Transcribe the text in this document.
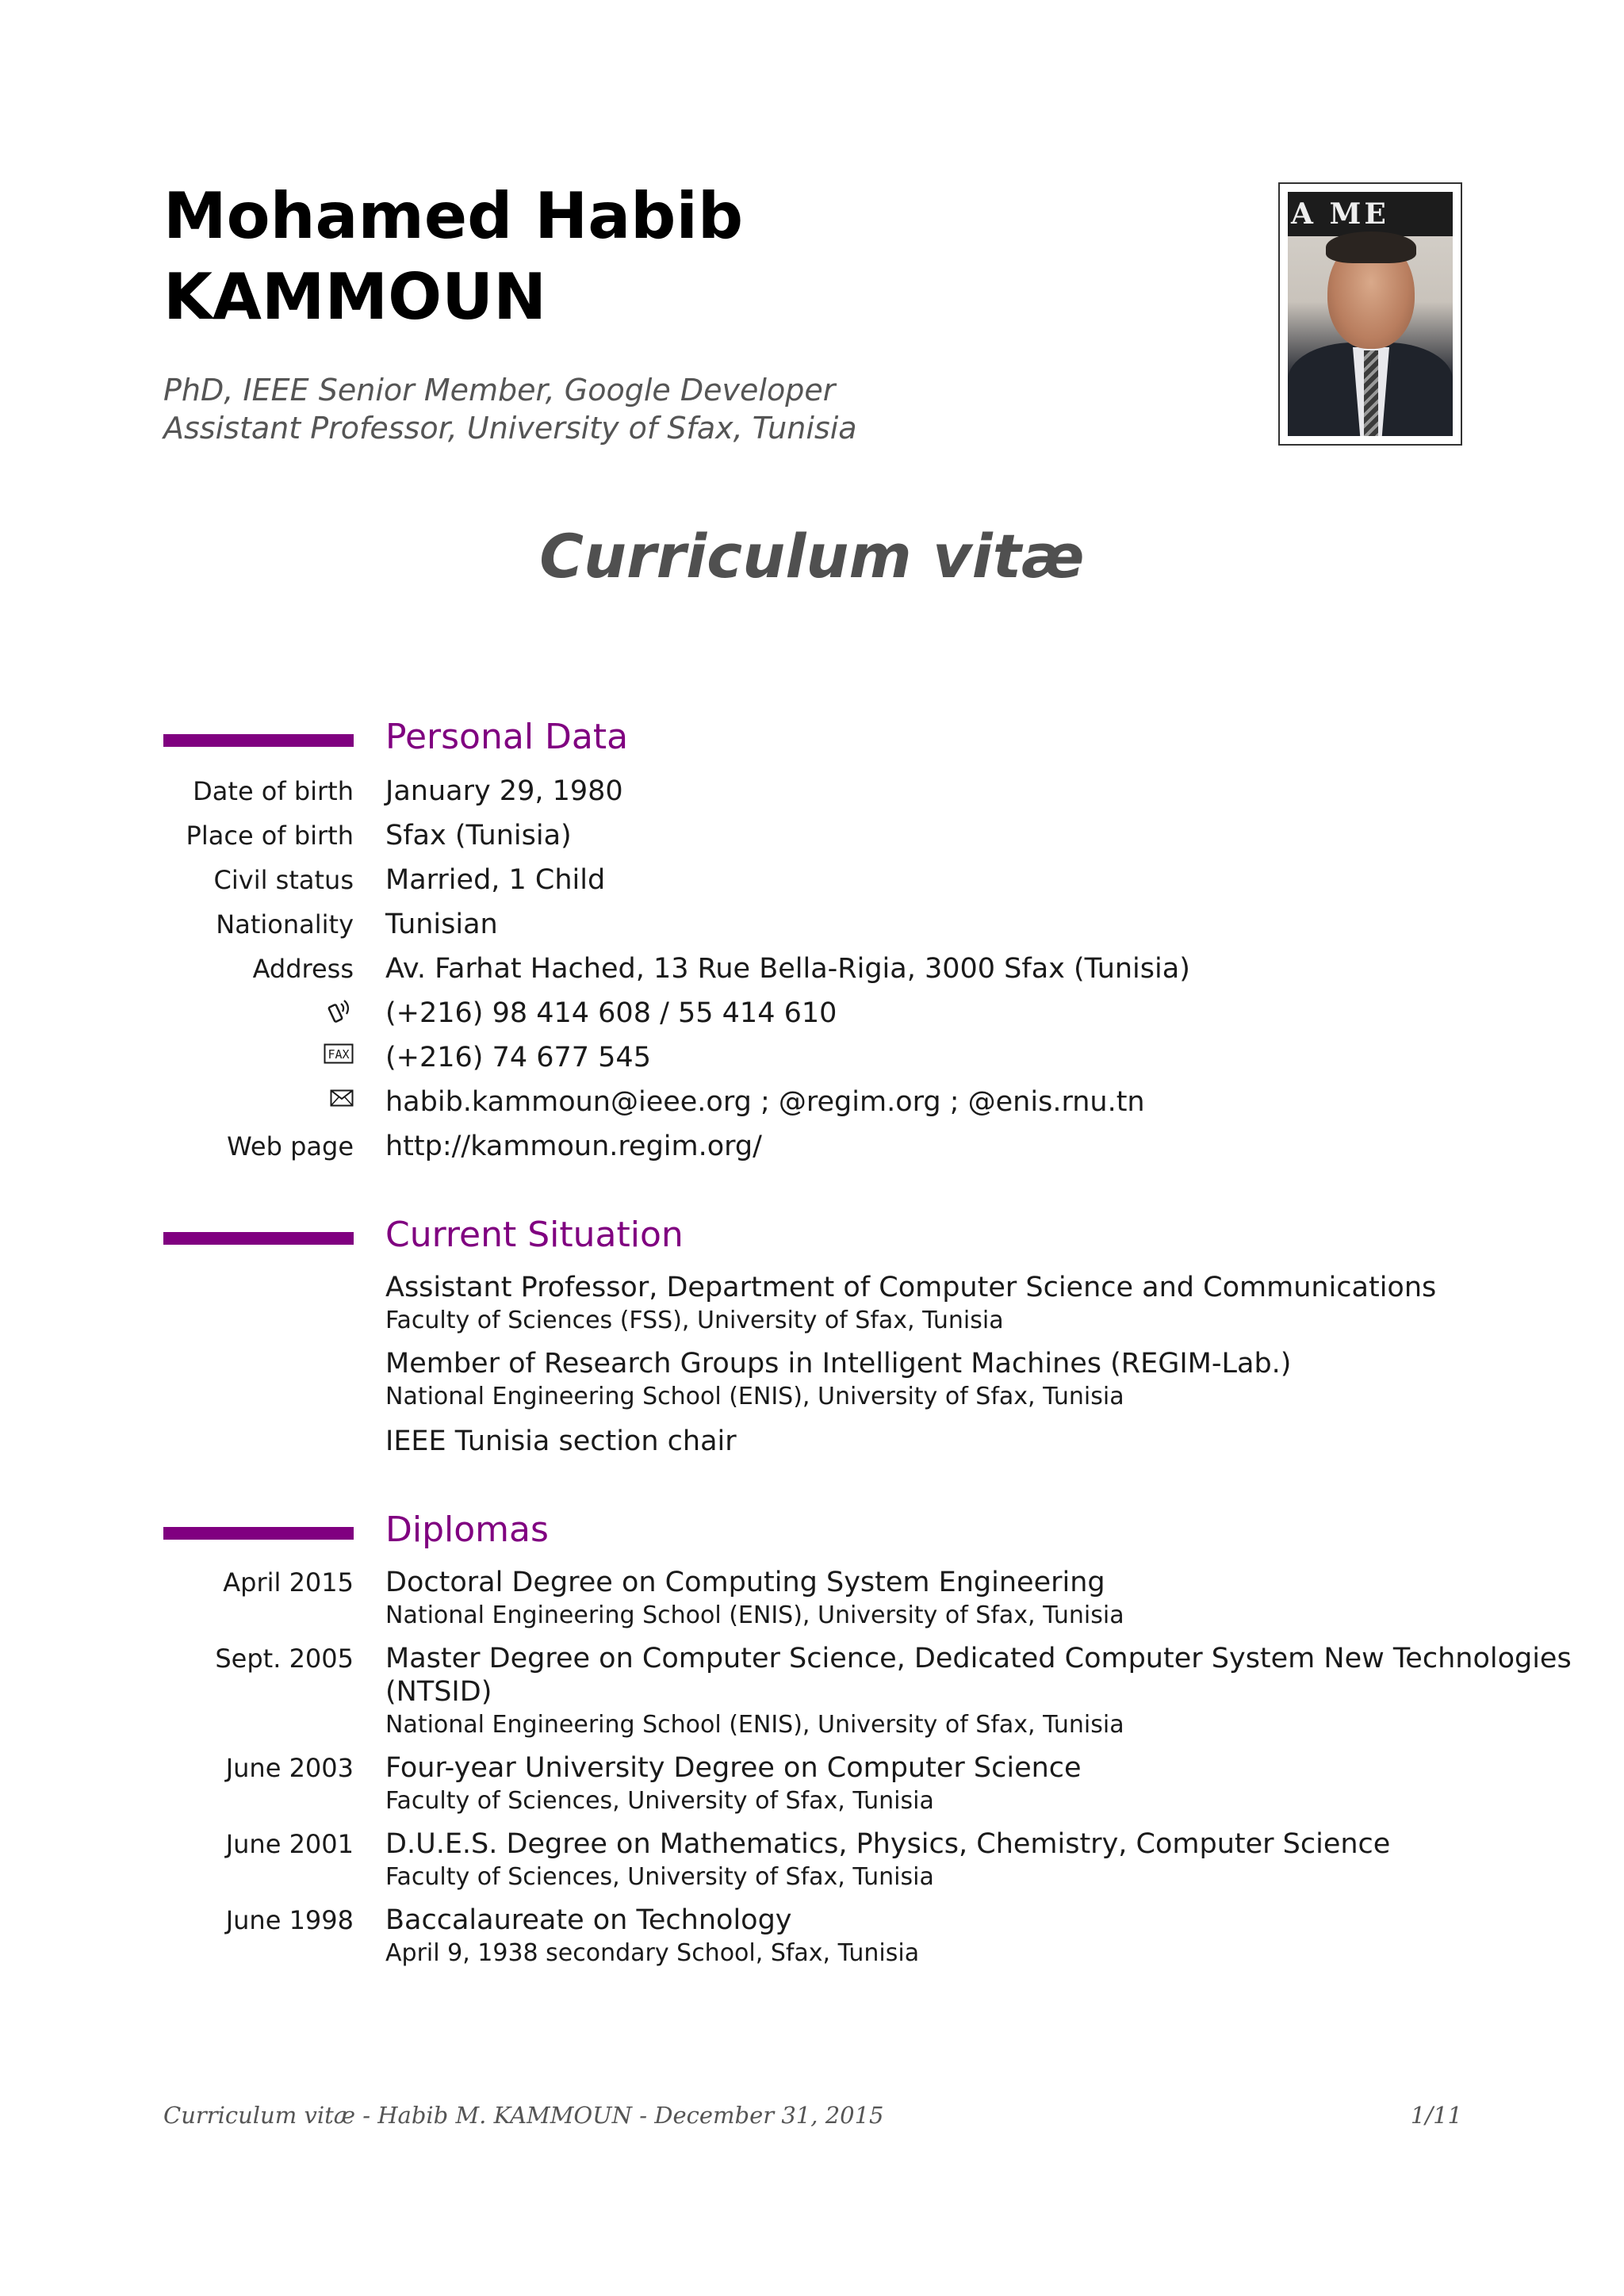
Mohamed Habib
KAMMOUN
PhD, IEEE Senior Member, Google Developer
Assistant Professor, University of Sfax, Tunisia
A ME
Curriculum vitæ
Personal Data
Date of birth January 29, 1980
Place of birth Sfax (Tunisia)
Civil status Married, 1 Child
Nationality Tunisian
Address Av. Farhat Hached, 13 Rue Bella-Rigia, 3000 Sfax (Tunisia)
(+216) 98 414 608 / 55 414 610
FAX (+216) 74 677 545
habib.kammoun@ieee.org ; @regim.org ; @enis.rnu.tn
Web page http://kammoun.regim.org/
Current Situation
Assistant Professor, Department of Computer Science and Communications
Faculty of Sciences (FSS), University of Sfax, Tunisia
Member of Research Groups in Intelligent Machines (REGIM-Lab.)
National Engineering School (ENIS), University of Sfax, Tunisia
IEEE Tunisia section chair
Diplomas
April 2015 Doctoral Degree on Computing System Engineering
National Engineering School (ENIS), University of Sfax, Tunisia
Sept. 2005 Master Degree on Computer Science, Dedicated Computer System New Technologies
(NTSID)
National Engineering School (ENIS), University of Sfax, Tunisia
June 2003 Four-year University Degree on Computer Science
Faculty of Sciences, University of Sfax, Tunisia
June 2001 D.U.E.S. Degree on Mathematics, Physics, Chemistry, Computer Science
Faculty of Sciences, University of Sfax, Tunisia
June 1998 Baccalaureate on Technology
April 9, 1938 secondary School, Sfax, Tunisia
Curriculum vitæ - Habib M. KAMMOUN - December 31, 2015	1/11
